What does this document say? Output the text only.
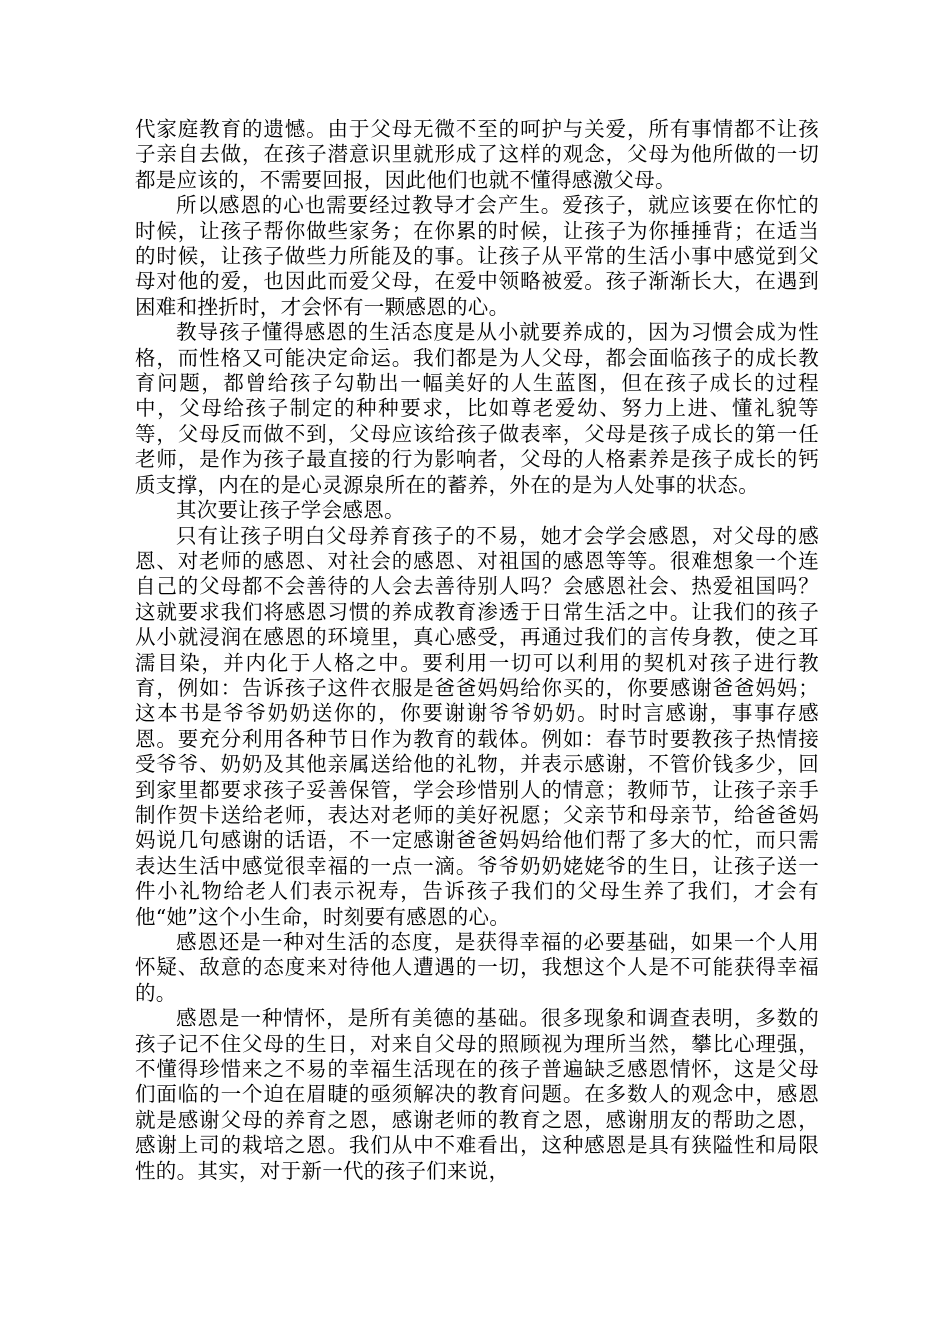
代家庭教育的遗憾。由于父母无微不至的呵护与关爱，所有事情都不让孩子亲自去做，在孩子潜意识里就形成了这样的观念，父母为他所做的一切都是应该的，不需要回报，因此他们也就不懂得感激父母。

所以感恩的心也需要经过教导才会产生。爱孩子，就应该要在你忙的时候，让孩子帮你做些家务；在你累的时候，让孩子为你捶捶背；在适当的时候，让孩子做些力所能及的事。让孩子从平常的生活小事中感觉到父母对他的爱，也因此而爱父母，在爱中领略被爱。孩子渐渐长大，在遇到困难和挫折时，才会怀有一颗感恩的心。

教导孩子懂得感恩的生活态度是从小就要养成的，因为习惯会成为性格，而性格又可能决定命运。我们都是为人父母，都会面临孩子的成长教育问题，都曾给孩子勾勒出一幅美好的人生蓝图，但在孩子成长的过程中，父母给孩子制定的种种要求，比如尊老爱幼、努力上进、懂礼貌等等，父母反而做不到，父母应该给孩子做表率，父母是孩子成长的第一任老师，是作为孩子最直接的行为影响者，父母的人格素养是孩子成长的钙质支撑，内在的是心灵源泉所在的蓄养，外在的是为人处事的状态。

其次要让孩子学会感恩。

只有让孩子明白父母养育孩子的不易，她才会学会感恩，对父母的感恩、对老师的感恩、对社会的感恩、对祖国的感恩等等。很难想象一个连自己的父母都不会善待的人会去善待别人吗？会感恩社会、热爱祖国吗？这就要求我们将感恩习惯的养成教育渗透于日常生活之中。让我们的孩子从小就浸润在感恩的环境里，真心感受，再通过我们的言传身教，使之耳濡目染，并内化于人格之中。要利用一切可以利用的契机对孩子进行教育，例如：告诉孩子这件衣服是爸爸妈妈给你买的，你要感谢爸爸妈妈；这本书是爷爷奶奶送你的，你要谢谢爷爷奶奶。时时言感谢，事事存感恩。要充分利用各种节日作为教育的载体。例如：春节时要教孩子热情接受爷爷、奶奶及其他亲属送给他的礼物，并表示感谢，不管价钱多少，回到家里都要求孩子妥善保管，学会珍惜别人的情意；教师节，让孩子亲手制作贺卡送给老师，表达对老师的美好祝愿；父亲节和母亲节，给爸爸妈妈说几句感谢的话语，不一定感谢爸爸妈妈给他们帮了多大的忙，而只需表达生活中感觉很幸福的一点一滴。爷爷奶奶姥姥爷的生日，让孩子送一件小礼物给老人们表示祝寿，告诉孩子我们的父母生养了我们，才会有他“她”这个小生命，时刻要有感恩的心。

感恩还是一种对生活的态度，是获得幸福的必要基础，如果一个人用怀疑、敌意的态度来对待他人遭遇的一切，我想这个人是不可能获得幸福的。

感恩是一种情怀，是所有美德的基础。很多现象和调查表明，多数的孩子记不住父母的生日，对来自父母的照顾视为理所当然，攀比心理强，不懂得珍惜来之不易的幸福生活现在的孩子普遍缺乏感恩情怀，这是父母们面临的一个迫在眉睫的亟须解决的教育问题。在多数人的观念中，感恩就是感谢父母的养育之恩，感谢老师的教育之恩，感谢朋友的帮助之恩，感谢上司的栽培之恩。我们从中不难看出，这种感恩是具有狭隘性和局限性的。其实，对于新一代的孩子们来说，
